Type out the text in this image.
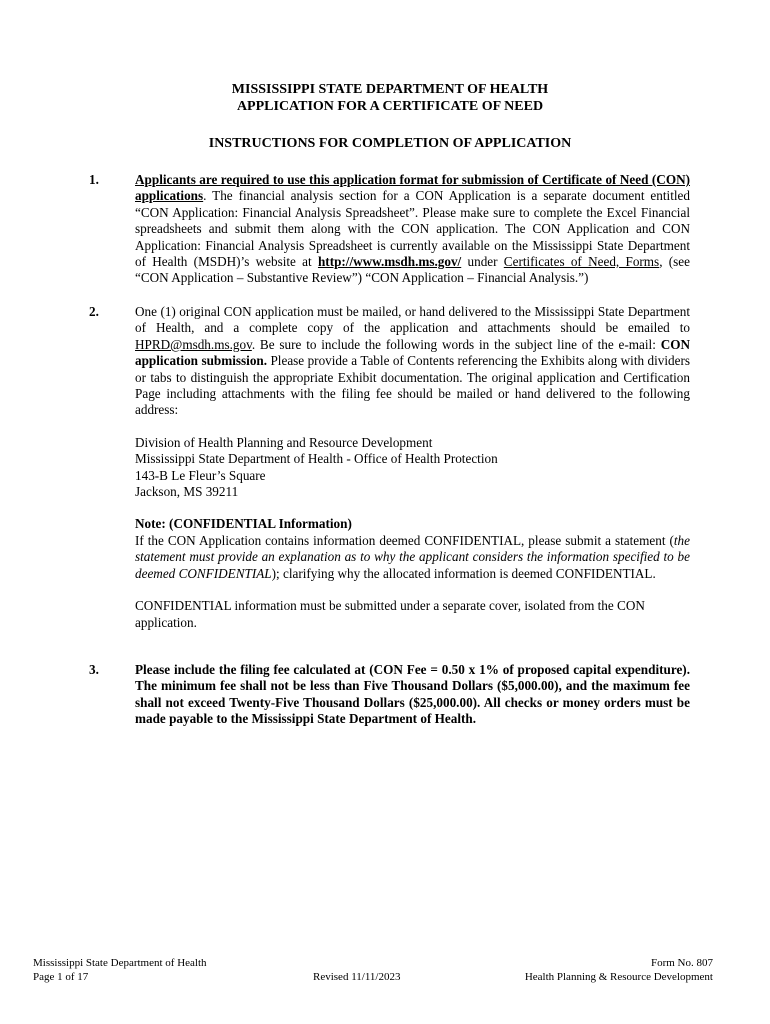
MISSISSIPPI STATE DEPARTMENT OF HEALTH
APPLICATION FOR A CERTIFICATE OF NEED
INSTRUCTIONS FOR COMPLETION OF APPLICATION
1.	Applicants are required to use this application format for submission of Certificate of Need (CON) applications. The financial analysis section for a CON Application is a separate document entitled “CON Application: Financial Analysis Spreadsheet”. Please make sure to complete the Excel Financial spreadsheets and submit them along with the CON application. The CON Application and CON Application: Financial Analysis Spreadsheet is currently available on the Mississippi State Department of Health (MSDH)’s website at http://www.msdh.ms.gov/ under Certificates of Need, Forms, (see “CON Application – Substantive Review”) “CON Application – Financial Analysis.”)
2.	One (1) original CON application must be mailed, or hand delivered to the Mississippi State Department of Health, and a complete copy of the application and attachments should be emailed to HPRD@msdh.ms.gov. Be sure to include the following words in the subject line of the e-mail: CON application submission. Please provide a Table of Contents referencing the Exhibits along with dividers or tabs to distinguish the appropriate Exhibit documentation. The original application and Certification Page including attachments with the filing fee should be mailed or hand delivered to the following address:
Division of Health Planning and Resource Development
Mississippi State Department of Health - Office of Health Protection
143-B Le Fleur’s Square
Jackson, MS 39211
Note: (CONFIDENTIAL Information)
If the CON Application contains information deemed CONFIDENTIAL, please submit a statement (the statement must provide an explanation as to why the applicant considers the information specified to be deemed CONFIDENTIAL); clarifying why the allocated information is deemed CONFIDENTIAL.
CONFIDENTIAL information must be submitted under a separate cover, isolated from the CON application.
3.	Please include the filing fee calculated at (CON Fee = 0.50 x 1% of proposed capital expenditure). The minimum fee shall not be less than Five Thousand Dollars ($5,000.00), and the maximum fee shall not exceed Twenty-Five Thousand Dollars ($25,000.00). All checks or money orders must be made payable to the Mississippi State Department of Health.
Mississippi State Department of Health
Page 1 of 17	Revised 11/11/2023
Form No. 807
Health Planning & Resource Development
